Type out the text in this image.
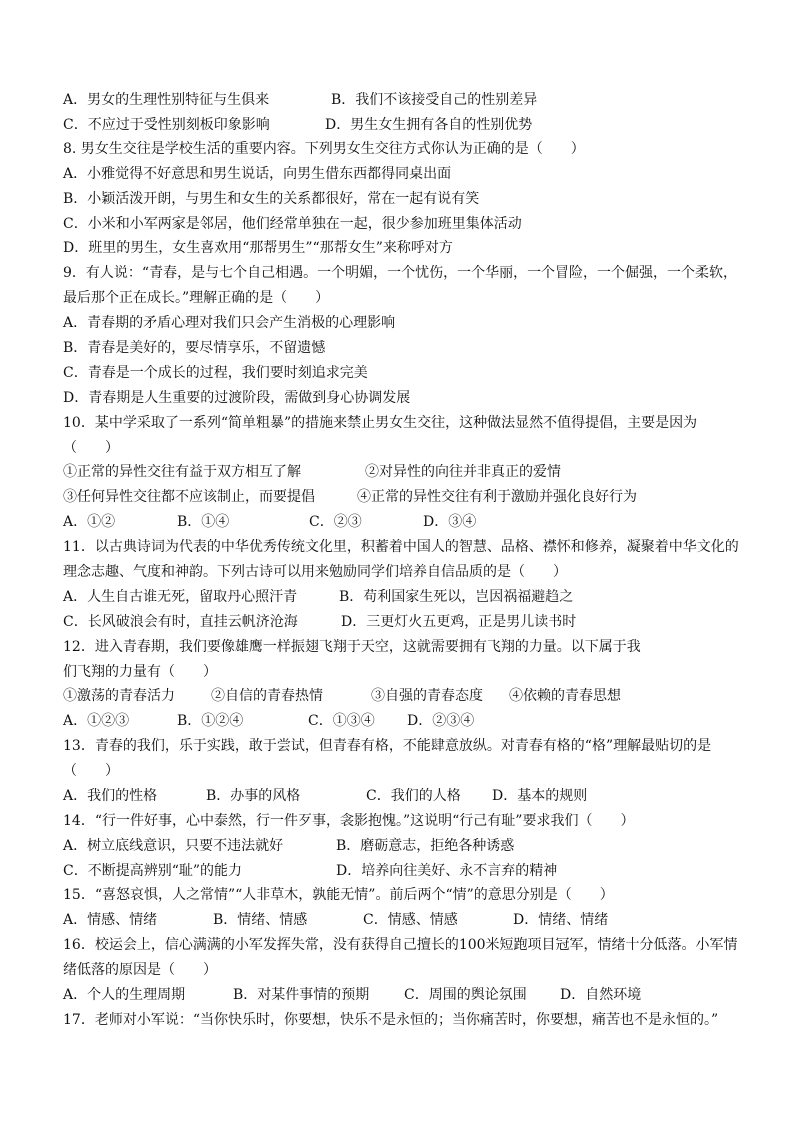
A．男女的生理性别特征与生俱来	B．我们不该接受自己的性别差异
C．不应过于受性别刻板印象影响	D．男生女生拥有各自的性别优势
8. 男女生交往是学校生活的重要内容。下列男女生交往方式你认为正确的是（　　）
A．小雅觉得不好意思和男生说话，向男生借东西都得同桌出面
B．小颖活泼开朗，与男生和女生的关系都很好，常在一起有说有笑
C．小米和小军两家是邻居，他们经常单独在一起，很少参加班里集体活动
D．班里的男生，女生喜欢用“那帮男生”“那帮女生”来称呼对方
9．有人说：“青春，是与七个自己相遇。一个明媚，一个忧伤，一个华丽，一个冒险，一个倔强，一个柔软，
最后那个正在成长。”理解正确的是（　　）
A．青春期的矛盾心理对我们只会产生消极的心理影响
B．青春是美好的，要尽情享乐，不留遗憾
C．青春是一个成长的过程，我们要时刻追求完美
D．青春期是人生重要的过渡阶段，需做到身心协调发展
10．某中学采取了一系列“简单粗暴”的措施来禁止男女生交往，这种做法显然不值得提倡，主要是因为
（　　）
①正常的异性交往有益于双方相互了解	②对异性的向往并非真正的爱情
③任何异性交往都不应该制止，而要提倡	④正常的异性交往有利于激励并强化良好行为
A．①②	B．①④	C．②③	D．③④
11．以古典诗词为代表的中华优秀传统文化里，积蓄着中国人的智慧、品格、襟怀和修养，凝聚着中华文化的
理念志趣、气度和神韵。下列古诗可以用来勉励同学们培养自信品质的是（　　）
A．人生自古谁无死，留取丹心照汗青	B．苟利国家生死以，岂因祸福避趋之
C．长风破浪会有时，直挂云帆济沧海	D．三更灯火五更鸡，正是男儿读书时
12．进入青春期，我们要像雄鹰一样振翅飞翔于天空，这就需要拥有飞翔的力量。以下属于我
们飞翔的力量有（　　）
①激荡的青春活力	②自信的青春热情	③自强的青春态度	④依赖的青春思想
A．①②③	B．①②④	C．①③④	D．②③④
13．青春的我们，乐于实践，敢于尝试，但青春有格，不能肆意放纵。对青春有格的“格”理解最贴切的是
（　　）
A．我们的性格	B．办事的风格	C．我们的人格	D．基本的规则
14．“行一件好事，心中泰然，行一件歹事，衾影抱愧。”这说明“行己有耻”要求我们（　　）
A．树立底线意识，只要不违法就好	B．磨砺意志，拒绝各种诱惑
C．不断提高辨别“耻”的能力	D．培养向往美好、永不言弃的精神
15．“喜怒哀惧，人之常情”“人非草木，孰能无情”。前后两个“情”的意思分别是（　　）
A．情感、情绪	B．情绪、情感	C．情感、情感	D．情绪、情绪
16．校运会上，信心满满的小军发挥失常，没有获得自己擅长的100米短跑项目冠军，情绪十分低落。小军情
绪低落的原因是（　　）
A．个人的生理周期	B．对某件事情的预期	C．周围的舆论氛围	D．自然环境
17．老师对小军说：“当你快乐时，你要想，快乐不是永恒的；当你痛苦时，你要想，痛苦也不是永恒的。”
